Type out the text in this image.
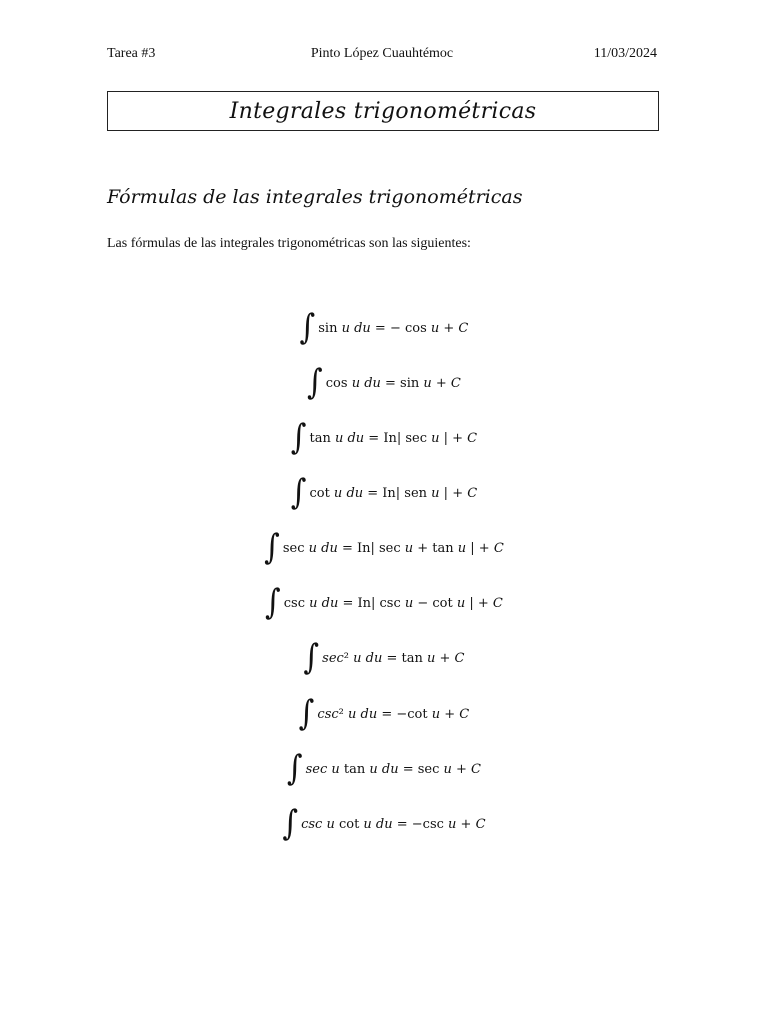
Tarea #3	Pinto López Cuauhtémoc	11/03/2024
Integrales trigonométricas
Fórmulas de las integrales trigonométricas
Las fórmulas de las integrales trigonométricas son las siguientes:
∫ sin 𝑢 𝑑𝑢 = − cos 𝑢 + 𝐶
∫ cos 𝑢 𝑑𝑢 = sin 𝑢 + 𝐶
∫ tan 𝑢 𝑑𝑢 = In| sec 𝑢 | + 𝐶
∫ cot 𝑢 𝑑𝑢 = In| sen 𝑢 | + 𝐶
∫ sec 𝑢 𝑑𝑢 = In| sec 𝑢 + tan 𝑢 | + 𝐶
∫ csc 𝑢 𝑑𝑢 = In| csc 𝑢 − cot 𝑢 | + 𝐶
∫ 𝑠𝑒𝑐² 𝑢 𝑑𝑢 = tan 𝑢 + 𝐶
∫ 𝑐𝑠𝑐² 𝑢 𝑑𝑢 = −cot 𝑢 + 𝐶
∫ 𝑠𝑒𝑐 𝑢 tan 𝑢 𝑑𝑢 = sec 𝑢 + 𝐶
∫ 𝑐𝑠𝑐 𝑢 cot 𝑢 𝑑𝑢 = −csc 𝑢 + 𝐶
